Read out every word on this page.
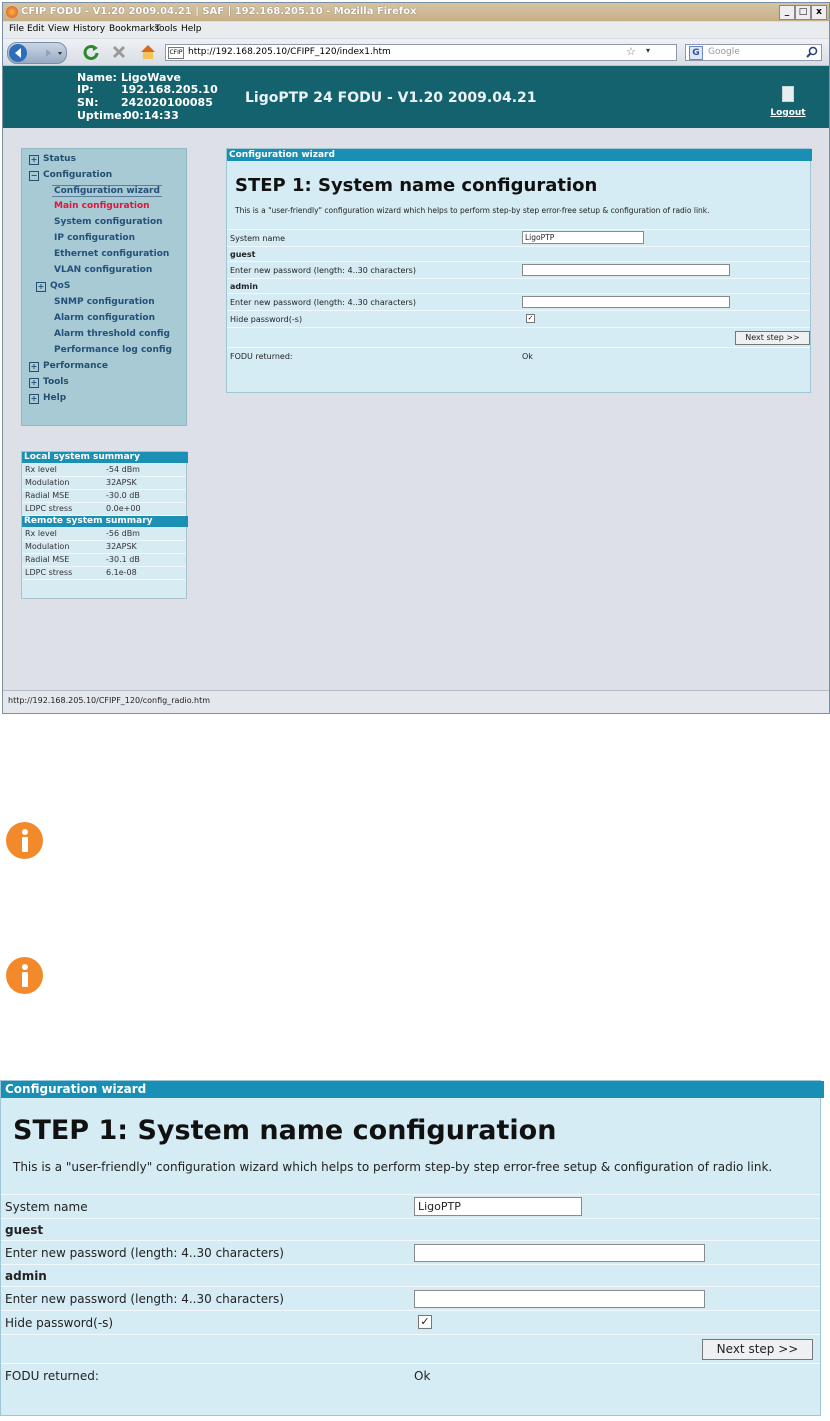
CFIP FODU - V1.20 2009.04.21 | SAF | 192.168.205.10 - Mozilla Firefox	_	□ x
File Edit View History Bookmarks
Tools Help
CFIP http://192.168.205.10/CFIPF_120/index1.htm	☆ ▾	G Google
Name: LigoWave
IP: 192.168.205.10
SN: 242020100085
Uptime:
00:14:33
LigoPTP 24 FODU - V1.20 2009.04.21
Logout
+ Status
− Configuration
Configuration wizard
Main configuration
System configuration
IP configuration
Ethernet configuration
VLAN configuration
+ QoS
SNMP configuration
Alarm configuration
Alarm threshold config
Performance log config
+ Performance
+ Tools
+ Help
Local system summary
Rx level	-54 dBm
Modulation	32APSK
Radial MSE	-30.0 dB
LDPC stress	0.0e+00
Remote system summary
Rx level	-56 dBm
Modulation	32APSK
Radial MSE	-30.1 dB
LDPC stress	6.1e-08
Configuration wizard
STEP 1: System name configuration
This is a "user-friendly" configuration wizard which helps to perform step-by step error-free setup & configuration of radio link.
System name	LigoPTP
guest
Enter new password (length: 4..30 characters)
admin
Enter new password (length: 4..30 characters)
Hide password(-s)	✓
Next step >>
FODU returned:	Ok
http://192.168.205.10/CFIPF_120/config_radio.htm
Configuration wizard
STEP 1: System name configuration
This is a "user-friendly" configuration wizard which helps to perform step-by step error-free setup & configuration of radio link.
System name	LigoPTP
guest
Enter new password (length: 4..30 characters)
admin
Enter new password (length: 4..30 characters)
Hide password(-s)	✓
Next step >>
FODU returned:	Ok
